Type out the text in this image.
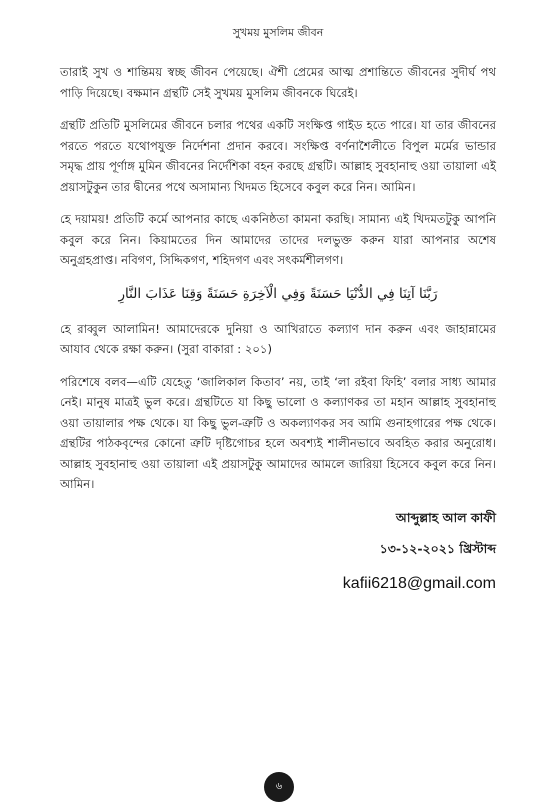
সুখময় মুসলিম জীবন

তারাই সুখ ও শান্তিময় স্বচ্ছ জীবন পেয়েছে। ঐশী প্রেমের আত্ম প্রশান্তিতে জীবনের সুদীর্ঘ পথ পাড়ি দিয়েছে। বক্ষমান গ্রন্থটি সেই সুখময় মুসলিম জীবনকে ঘিরেই।

গ্রন্থটি প্রতিটি মুসলিমের জীবনে চলার পথের একটি সংক্ষিপ্ত গাইড হতে পারে। যা তার জীবনের পরতে পরতে যথোপযুক্ত নির্দেশনা প্রদান করবে। সংক্ষিপ্ত বর্ণনাশৈলীতে বিপুল মর্মের ভান্ডার সমৃদ্ধ প্রায় পূর্ণাঙ্গ মুমিন জীবনের নির্দেশিকা বহন করছে গ্রন্থটি। আল্লাহ সুবহানাহু ওয়া তায়ালা এই প্রয়াসটুকুন তার দ্বীনের পথে অসামান্য খিদমত হিসেবে কবুল করে নিন। আমিন।

হে দয়াময়! প্রতিটি কর্মে আপনার কাছে একনিষ্ঠতা কামনা করছি। সামান্য এই খিদমতটুকু আপনি কবুল করে নিন। কিয়ামতের দিন আমাদের তাদের দলভুক্ত করুন যারা আপনার অশেষ অনুগ্রহপ্রাপ্ত। নবিগণ, সিদ্দিকগণ, শহিদগণ এবং সৎকর্মশীলগণ।

رَبَّنَا آتِنَا فِي الدُّنْيَا حَسَنَةً وَفِي الْآخِرَةِ حَسَنَةً وَقِنَا عَذَابَ النَّارِ

হে রাব্বুল আলামিন! আমাদেরকে দুনিয়া ও আখিরাতে কল্যাণ দান করুন এবং জাহান্নামের আযাব থেকে রক্ষা করুন। (সুরা বাকারা : ২০১)

পরিশেষে বলব—এটি যেহেতু ‘জালিকাল কিতাব’ নয়, তাই ‘লা রইবা ফিহি’ বলার সাধ্য আমার নেই। মানুষ মাত্রই ভুল করে। গ্রন্থটিতে যা কিছু ভালো ও কল্যাণকর তা মহান আল্লাহ সুবহানাহু ওয়া তায়ালার পক্ষ থেকে। যা কিছু ভুল-ত্রুটি ও অকল্যাণকর সব আমি গুনাহগারের পক্ষ থেকে। গ্রন্থটির পাঠকবৃন্দের কোনো ত্রুটি দৃষ্টিগোচর হলে অবশ্যই শালীনভাবে অবহিত করার অনুরোধ। আল্লাহ সুবহানাহু ওয়া তায়ালা এই প্রয়াসটুকু আমাদের আমলে জারিয়া হিসেবে কবুল করে নিন। আমিন।

আব্দুল্লাহ আল কাফী
১৩-১২-২০২১ খ্রিস্টাব্দ
kafii6218@gmail.com
৬
